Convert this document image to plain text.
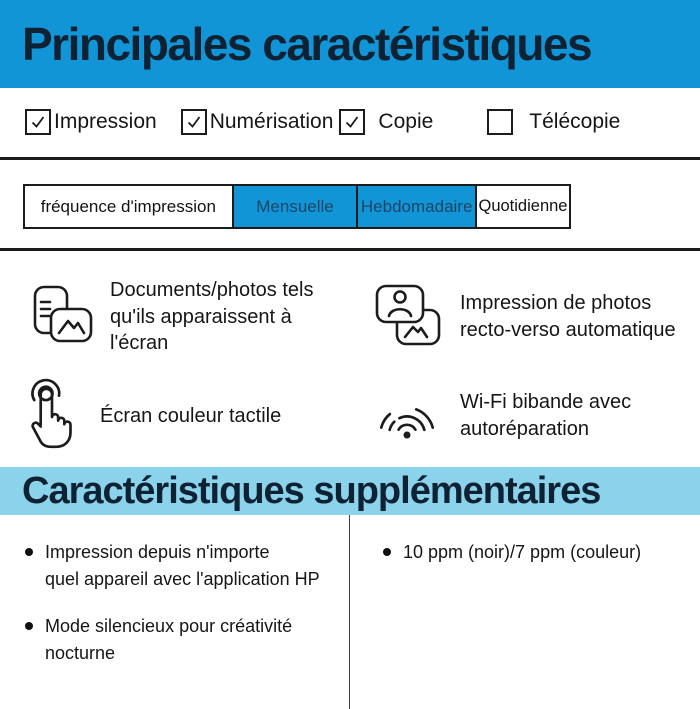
Principales caractéristiques
Impression	Numérisation Copie	Télécopie
fréquence d'impression	Mensuelle	Hebdomadaire Quotidienne
Documents/photos tels
qu'ils apparaissent à l'écran
Impression de photos
recto-verso automatique
Écran couleur tactile
Wi-Fi bibande avec
autoréparation
Caractéristiques supplémentaires
Impression depuis n'importe
quel appareil avec l'application HP
Mode silencieux pour créativité
nocturne
10 ppm (noir)/7 ppm (couleur)
